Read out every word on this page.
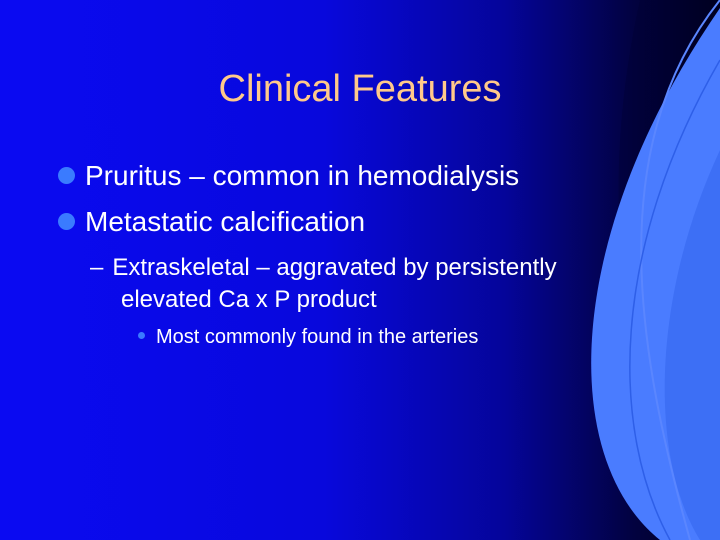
Clinical Features
Pruritus – common in hemodialysis
Metastatic calcification
– Extraskeletal – aggravated by persistently
elevated Ca x P product
Most commonly found in the arteries
